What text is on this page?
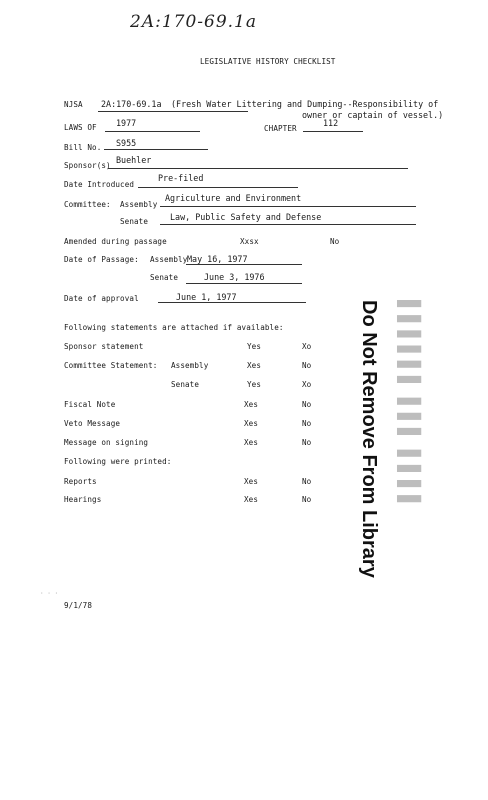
2A:170-69.1a
LEGISLATIVE HISTORY CHECKLIST
NJSA 2A:170-69.1a (Fresh Water Littering and Dumping--Responsibility of
owner or captain of vessel.)
LAWS OF 1977
CHAPTER
112
Bill No. S955
Sponsor(s)
Buehler
Date Introduced
Pre-filed
Committee: Assembly
Agriculture and Environment
Senate	Law, Public Safety and Defense
Amended during passage	Xxsx	No
Date of Passage: Assembly May 16, 1977
Senate	June 3, 1976
Date of approval	June 1, 1977
Following statements are attached if available:
Sponsor statement	Yes	Xo
Committee Statement: Assembly	Xes	No
Senate	Yes	Xo
Fiscal Note	Xes	No
Veto Message	Xes	No
Message on signing	Xes	No
Following were printed:
Reports	Xes	No
Hearings	Xes	No	▌▌▌▌▌▌ ▌▌▌ ▌▌▌▌
Do Not Remove From Library
· · ·
9/1/78
